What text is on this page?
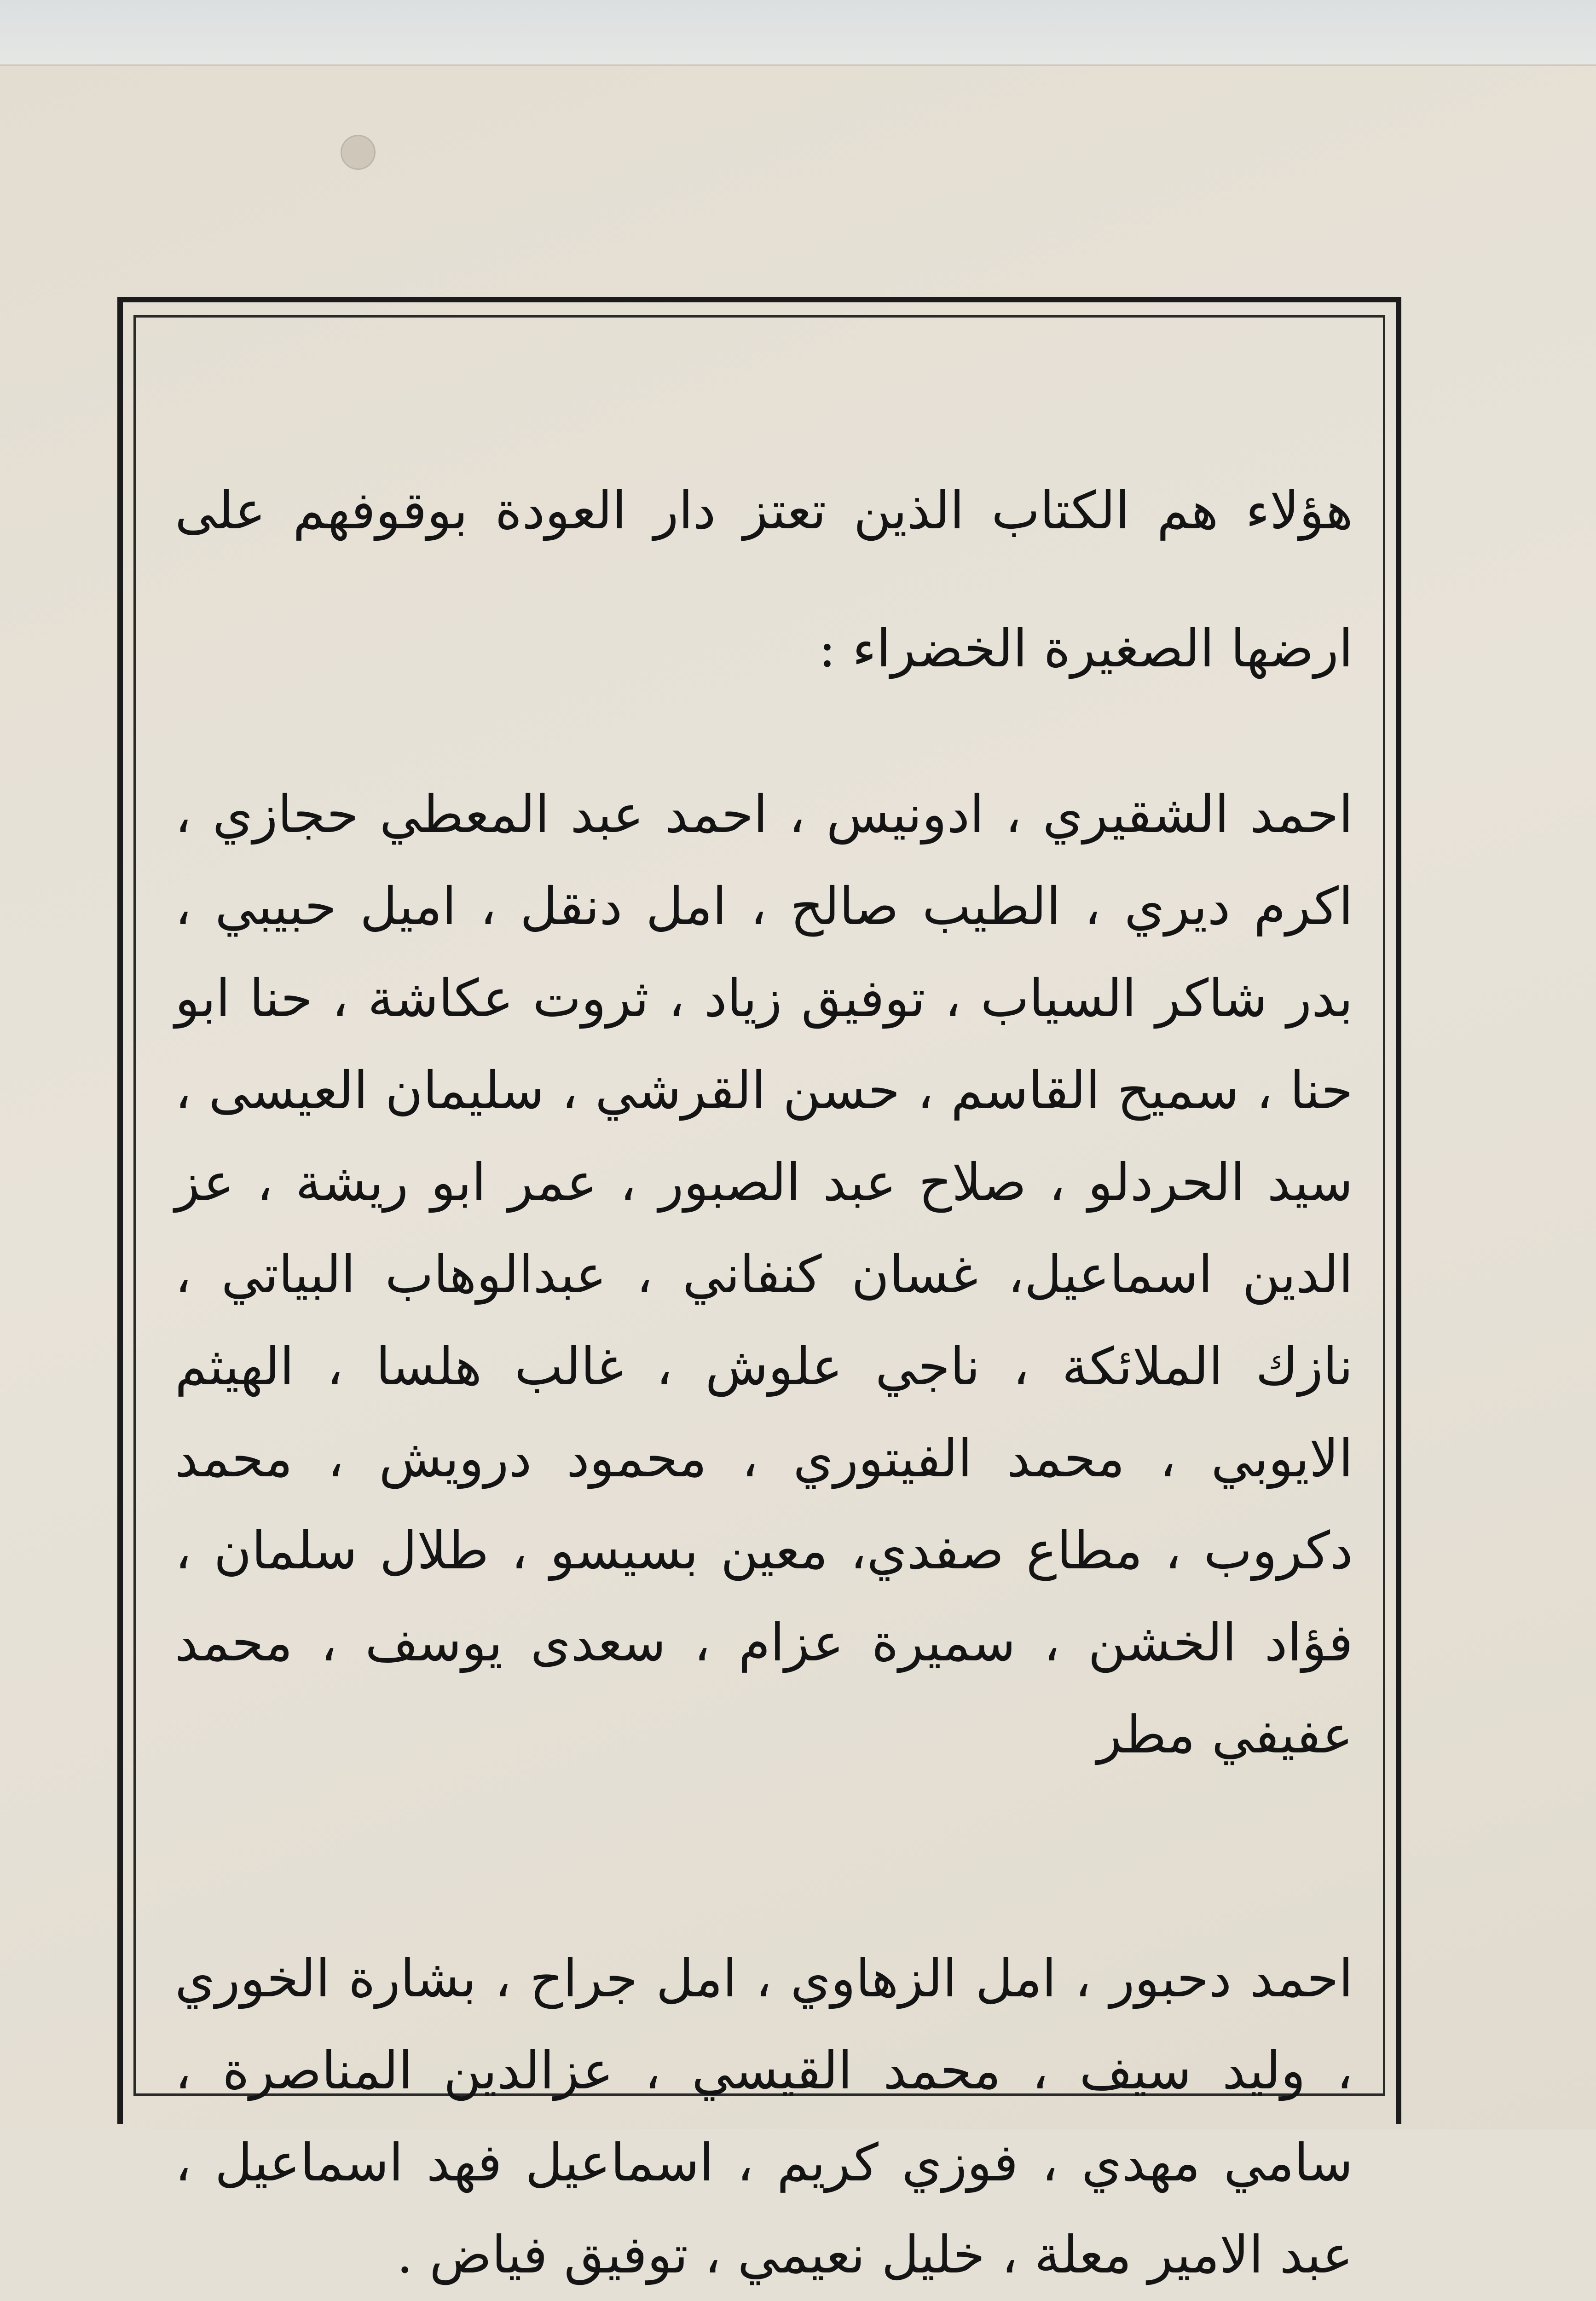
هؤلاء هم الكتاب الذين تعتز دار العودة بوقوفهم على ارضها الصغيرة الخضراء :

احمد الشقيري ، ادونيس ، احمد عبد المعطي حجازي ، اكرم ديري ، الطيب صالح ، امل دنقل ، اميل حبيبي ، بدر شاكر السياب ، توفيق زياد ، ثروت عكاشة ، حنا ابو حنا ، سميح القاسم ، حسن القرشي ، سليمان العيسى ، سيد الحردلو ، صلاح عبد الصبور ، عمر ابو ريشة ، عز الدين اسماعيل، غسان كنفاني ، عبدالوهاب البياتي ، نازك الملائكة ، ناجي علوش ، غالب هلسا ، الهيثم الايوبي ، محمد الفيتوري ، محمود درويش ، محمد دكروب ، مطاع صفدي، معين بسيسو ، طلال سلمان ، فؤاد الخشن ، سميرة عزام ، سعدى يوسف ، محمد عفيفي مطر

احمد دحبور ، امل الزهاوي ، امل جراح ، بشارة الخوري ، وليد سيف ، محمد القيسي ، عزالدين المناصرة ، سامي مهدي ، فوزي كريم ، اسماعيل فهد اسماعيل ، عبد الامير معلة ، خليل نعيمي ، توفيق فياض .
